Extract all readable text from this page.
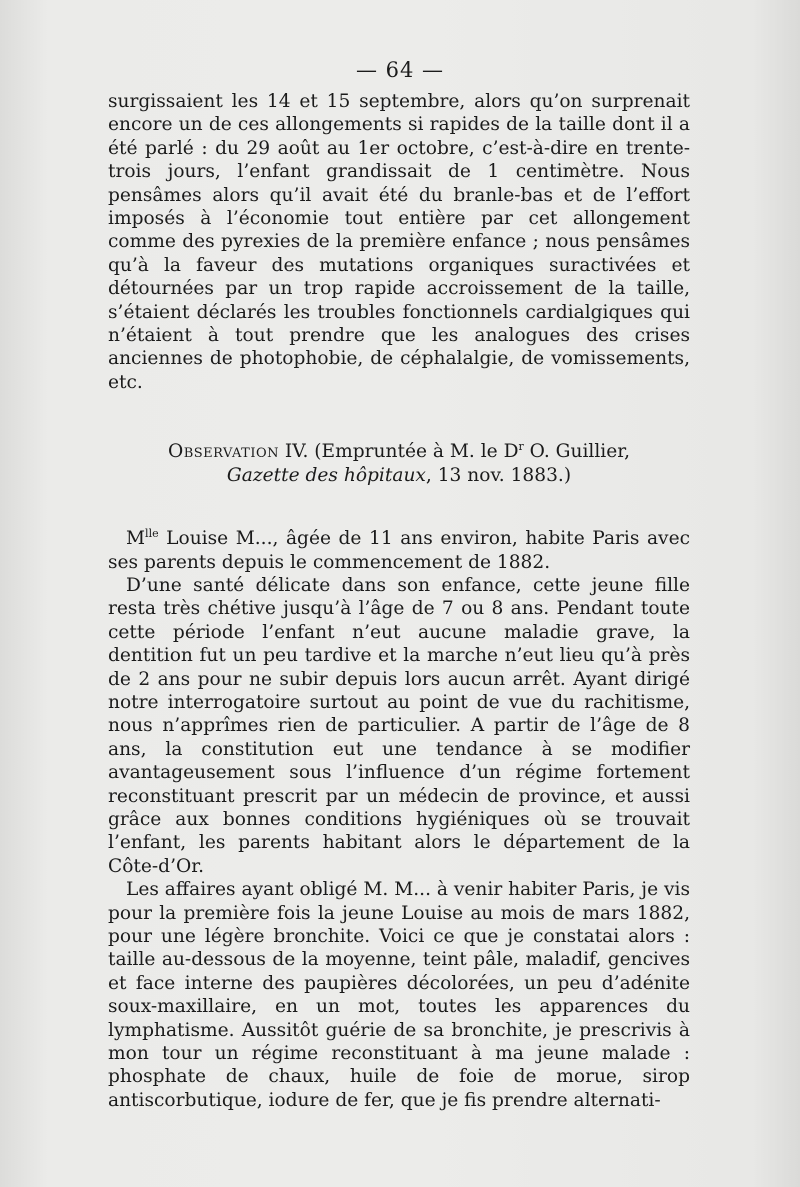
— 64 —

surgissaient les 14 et 15 septembre, alors qu’on surprenait encore un de ces allongements si rapides de la taille dont il a été parlé : du 29 août au 1er octobre, c’est-à-dire en trente-trois jours, l’enfant grandissait de 1 centimètre. Nous pensâmes alors qu’il avait été du branle-bas et de l’effort imposés à l’économie tout entière par cet allongement comme des pyrexies de la première enfance ; nous pensâmes qu’à la faveur des mutations organiques suractivées et détournées par un trop rapide accroissement de la taille, s’étaient déclarés les troubles fonctionnels cardialgiques qui n’étaient à tout prendre que les analogues des crises anciennes de photophobie, de céphalalgie, de vomissements, etc.

Observation IV. (Empruntée à M. le $D^r$ O. Guillier,
Gazette des hôpitaux, 13 nov. 1883.)

$M^{lle}$ Louise M..., âgée de 11 ans environ, habite Paris avec ses parents depuis le commencement de 1882.

D’une santé délicate dans son enfance, cette jeune fille resta très chétive jusqu’à l’âge de 7 ou 8 ans. Pendant toute cette période l’enfant n’eut aucune maladie grave, la dentition fut un peu tardive et la marche n’eut lieu qu’à près de 2 ans pour ne subir depuis lors aucun arrêt. Ayant dirigé notre interrogatoire surtout au point de vue du rachitisme, nous n’apprîmes rien de particulier. A partir de l’âge de 8 ans, la constitution eut une tendance à se modifier avantageusement sous l’influence d’un régime fortement reconstituant prescrit par un médecin de province, et aussi grâce aux bonnes conditions hygiéniques où se trouvait l’enfant, les parents habitant alors le département de la Côte-d’Or.

Les affaires ayant obligé M. M... à venir habiter Paris, je vis pour la première fois la jeune Louise au mois de mars 1882, pour une légère bronchite. Voici ce que je constatai alors : taille au-dessous de la moyenne, teint pâle, maladif, gencives et face interne des paupières décolorées, un peu d’adénite soux-maxillaire, en un mot, toutes les apparences du lymphatisme. Aussitôt guérie de sa bronchite, je prescrivis à mon tour un régime reconstituant à ma jeune malade : phosphate de chaux, huile de foie de morue, sirop antiscorbutique, iodure de fer, que je fis prendre alternati-
